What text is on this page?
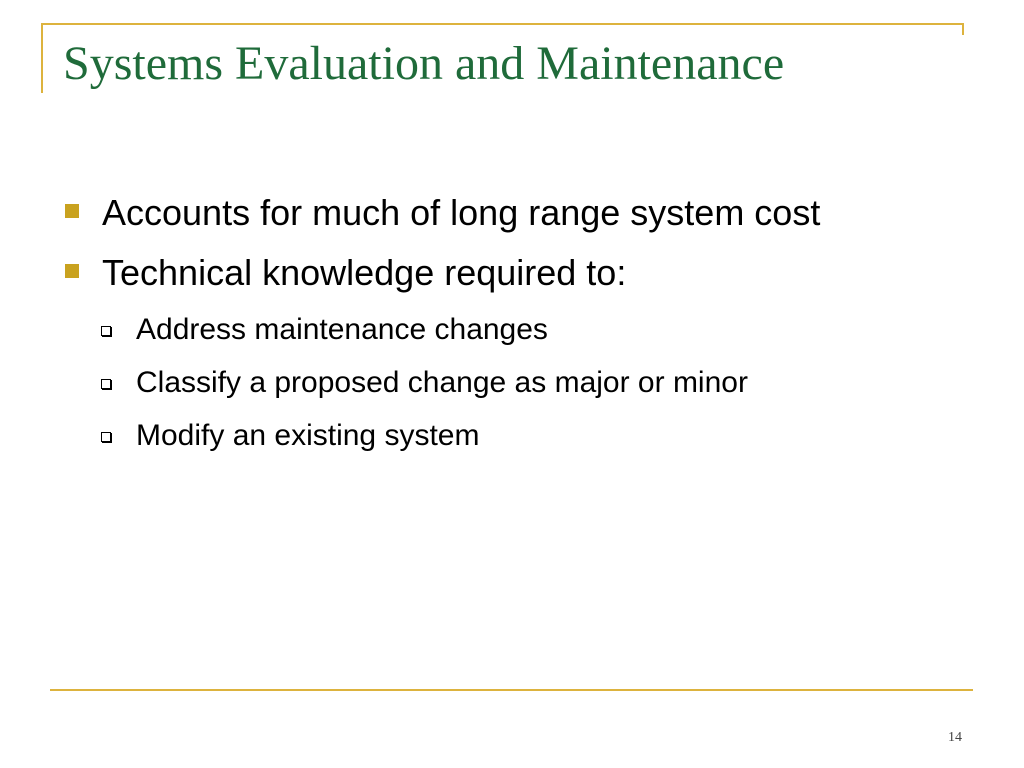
Systems Evaluation and Maintenance
Accounts for much of long range system cost
Technical knowledge required to:
Address maintenance changes
Classify a proposed change as major or minor
Modify an existing system
14
